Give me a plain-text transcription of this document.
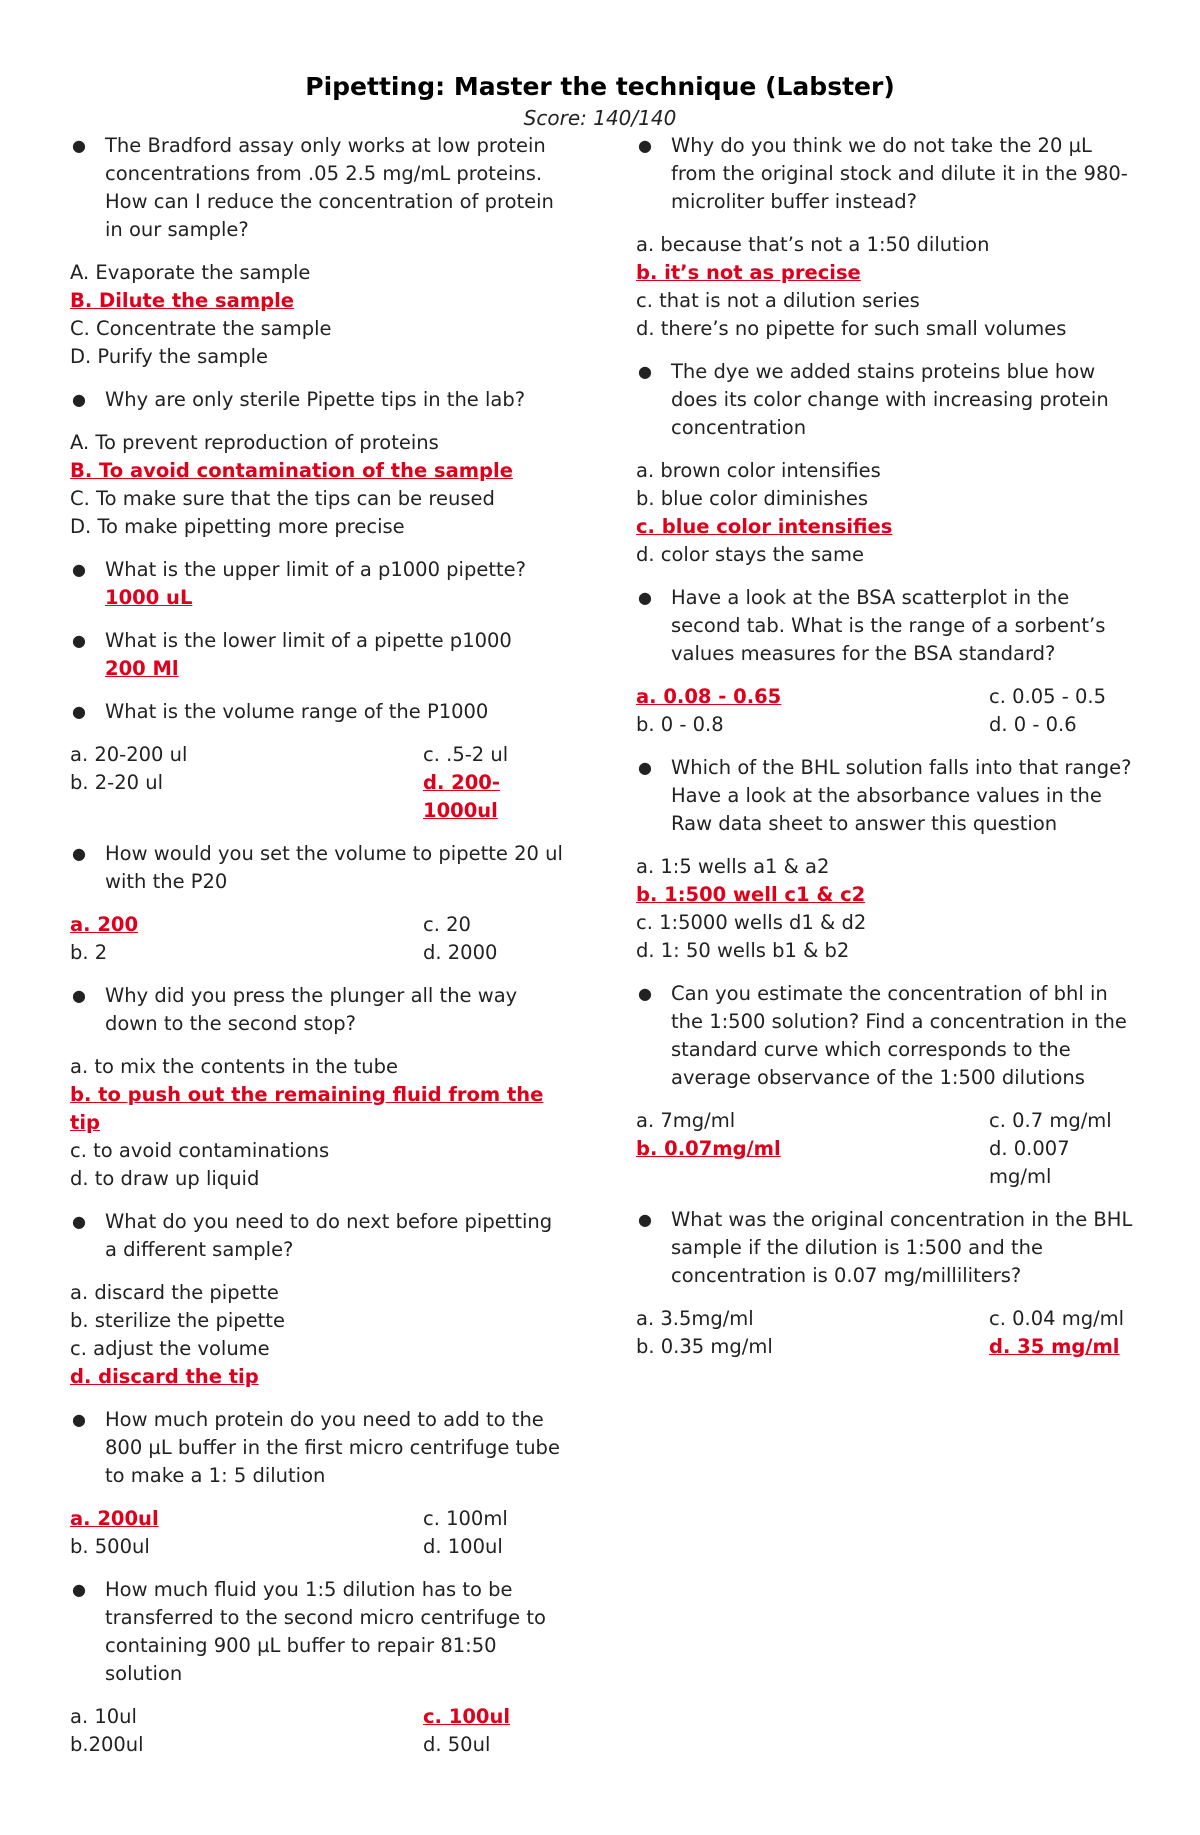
Pipetting: Master the technique (Labster)
Score: 140/140
● The Bradford assay only works at low protein concentrations from .05 2.5 mg/mL proteins. How can I reduce the concentration of protein in our sample?
A. Evaporate the sample
B. Dilute the sample
C. Concentrate the sample
D. Purify the sample
● Why are only sterile Pipette tips in the lab?
A. To prevent reproduction of proteins
B. To avoid contamination of the sample
C. To make sure that the tips can be reused
D. To make pipetting more precise
● What is the upper limit of a p1000 pipette?
1000 uL
● What is the lower limit of a pipette p1000
200 Ml
● What is the volume range of the P1000
a. 20-200 ul	c. .5-2 ul
b. 2-20 ul	d. 200-1000ul
● How would you set the volume to pipette 20 ul with the P20
a. 200	c. 20
b. 2	d. 2000
● Why did you press the plunger all the way down to the second stop?
a. to mix the contents in the tube
b. to push out the remaining fluid from the tip
c. to avoid contaminations
d. to draw up liquid
● What do you need to do next before pipetting a different sample?
a. discard the pipette
b. sterilize the pipette
c. adjust the volume
d. discard the tip
● How much protein do you need to add to the 800 µL buffer in the first micro centrifuge tube to make a 1: 5 dilution
a. 200ul	c. 100ml
b. 500ul	d. 100ul
● How much fluid you 1:5 dilution has to be transferred to the second micro centrifuge to containing 900 µL buffer to repair 81:50 solution
a. 10ul	c. 100ul
b.200ul	d. 50ul
● Why do you think we do not take the 20 µL from the original stock and dilute it in the 980-microliter buffer instead?
a. because that’s not a 1:50 dilution
b. it’s not as precise
c. that is not a dilution series
d. there’s no pipette for such small volumes
● The dye we added stains proteins blue how does its color change with increasing protein concentration
a. brown color intensifies
b. blue color diminishes
c. blue color intensifies
d. color stays the same
● Have a look at the BSA scatterplot in the second tab. What is the range of a sorbent’s values measures for the BSA standard?
a. 0.08 - 0.65	c. 0.05 - 0.5
b. 0 - 0.8	d. 0 - 0.6
● Which of the BHL solution falls into that range? Have a look at the absorbance values in the Raw data sheet to answer this question
a. 1:5 wells a1 & a2
b. 1:500 well c1 & c2
c. 1:5000 wells d1 & d2
d. 1: 50 wells b1 & b2
● Can you estimate the concentration of bhl in the 1:500 solution? Find a concentration in the standard curve which corresponds to the average observance of the 1:500 dilutions
a. 7mg/ml	c. 0.7 mg/ml
b. 0.07mg/ml	d. 0.007 mg/ml
● What was the original concentration in the BHL sample if the dilution is 1:500 and the concentration is 0.07 mg/milliliters?
a. 3.5mg/ml	c. 0.04 mg/ml
b. 0.35 mg/ml	d. 35 mg/ml
